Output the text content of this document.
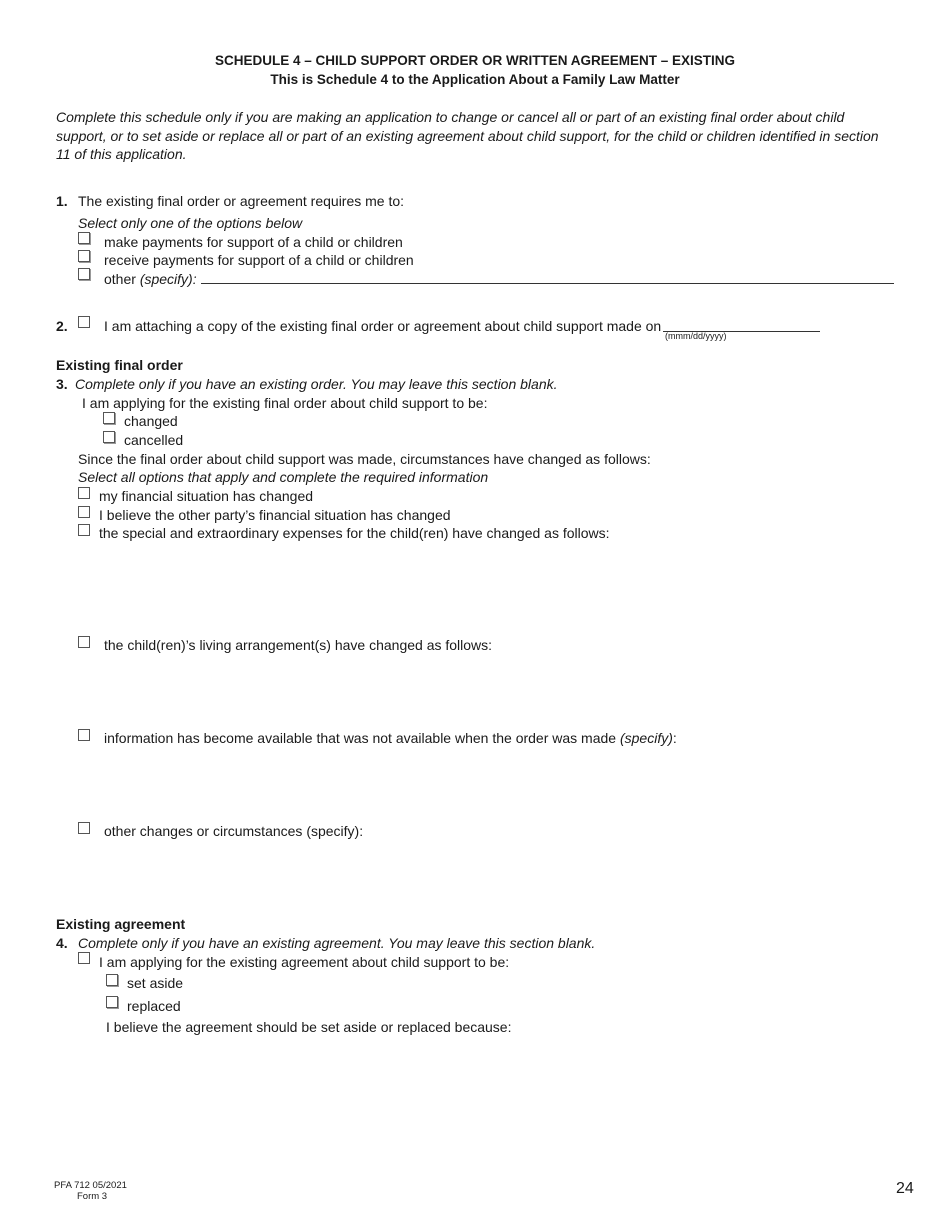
SCHEDULE 4 – CHILD SUPPORT ORDER OR WRITTEN AGREEMENT – EXISTING
This is Schedule 4 to the Application About a Family Law Matter
Complete this schedule only if you are making an application to change or cancel all or part of an existing final order about child support, or to set aside or replace all or part of an existing agreement about child support, for the child or children identified in section 11 of this application.
1. The existing final order or agreement requires me to:
Select only one of the options below
make payments for support of a child or children
receive payments for support of a child or children
other (specify):
2.	I am attaching a copy of the existing final order or agreement about child support made on
(mmm/dd/yyyy)
Existing final order
3. Complete only if you have an existing order. You may leave this section blank.
I am applying for the existing final order about child support to be:
changed
cancelled
Since the final order about child support was made, circumstances have changed as follows:
Select all options that apply and complete the required information
my financial situation has changed
I believe the other party’s financial situation has changed
the special and extraordinary expenses for the child(ren) have changed as follows:
the child(ren)’s living arrangement(s) have changed as follows:
information has become available that was not available when the order was made (specify):
other changes or circumstances (specify):
Existing agreement
4. Complete only if you have an existing agreement. You may leave this section blank.
I am applying for the existing agreement about child support to be:
set aside
replaced
I believe the agreement should be set aside or replaced because:
PFA 712 05/2021
Form 3	24
